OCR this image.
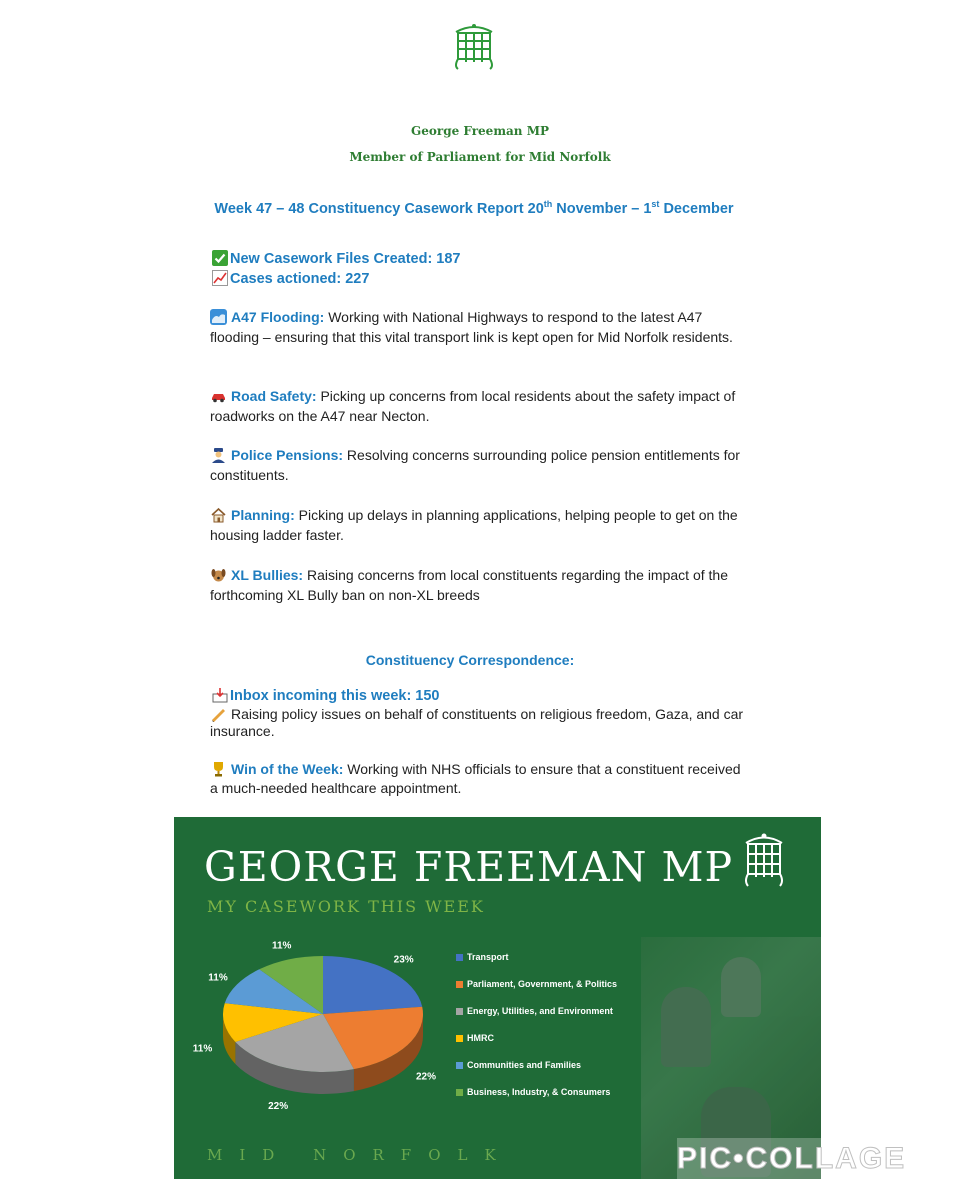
George Freeman MP
Member of Parliament for Mid Norfolk
Week 47 – 48 Constituency Casework Report 20th November – 1st December
New Casework Files Created: 187
Cases actioned: 227
A47 Flooding: Working with National Highways to respond to the latest A47 flooding – ensuring that this vital transport link is kept open for Mid Norfolk residents.
Road Safety: Picking up concerns from local residents about the safety impact of roadworks on the A47 near Necton.
Police Pensions: Resolving concerns surrounding police pension entitlements for constituents.
Planning: Picking up delays in planning applications, helping people to get on the housing ladder faster.
XL Bullies: Raising concerns from local constituents regarding the impact of the forthcoming XL Bully ban on non-XL breeds
Constituency Correspondence:
Inbox incoming this week: 150
Raising policy issues on behalf of constituents on religious freedom, Gaza, and car insurance.
Win of the Week: Working with NHS officials to ensure that a constituent received a much-needed healthcare appointment.
GEORGE FREEMAN MP
MY CASEWORK THIS WEEK
23%
22%
22%
11%
11%
11%
Transport
Parliament, Government, & Politics
Energy, Utilities, and Environment
HMRC
Communities and Families
Business, Industry, & Consumers
MID NORFOLK	PIC•COLLAGE
